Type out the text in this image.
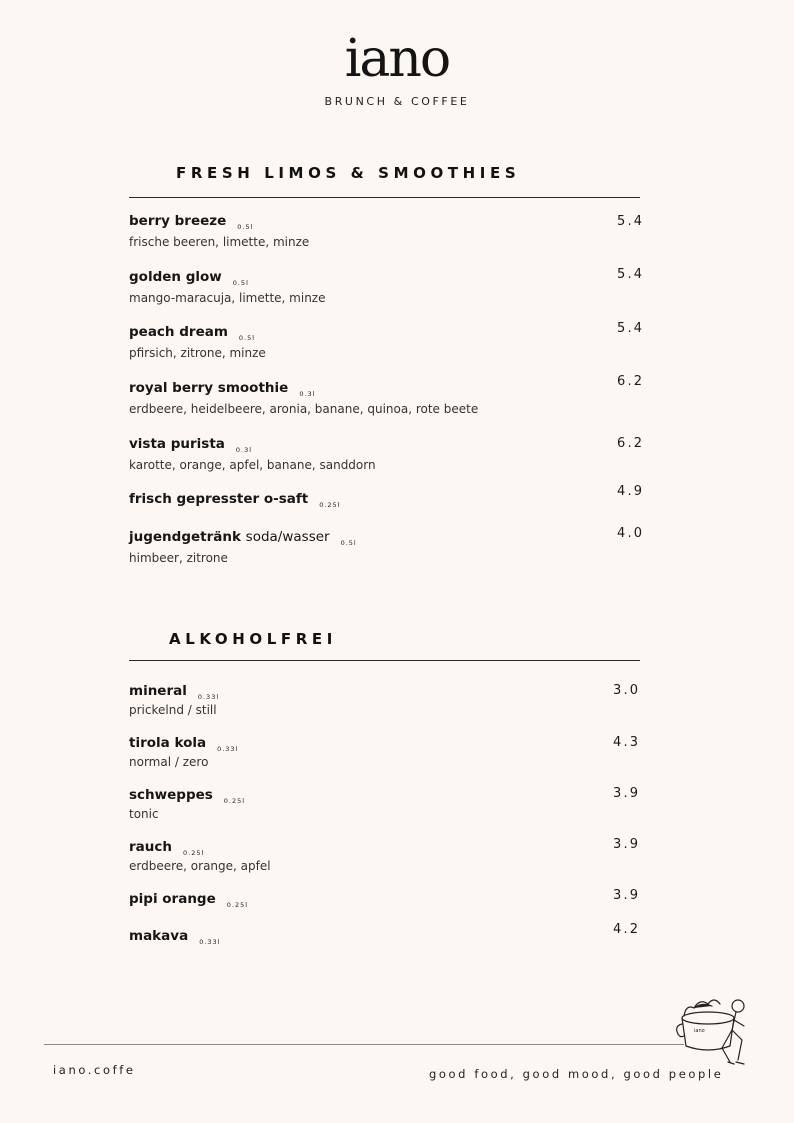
iano
BRUNCH & COFFEE
FRESH LIMOS & SMOOTHIES
berry breeze $_{0.5l}$
frische beeren, limette, minze
5.4
golden glow $_{0.5l}$
mango-maracuja, limette, minze
5.4
peach dream $_{0.5l}$
pfirsich, zitrone, minze
5.4
royal berry smoothie $_{0.3l}$
erdbeere, heidelbeere, aronia, banane, quinoa, rote beete
6.2
vista purista $_{0.3l}$
karotte, orange, apfel, banane, sanddorn
6.2
frisch gepresster o-saft $_{0.25l}$
4.9
jugendgetränk soda/wasser $_{0.5l}$
himbeer, zitrone
4.0
ALKOHOLFREI
mineral $_{0.33l}$
prickelnd / still
3.0
tirola kola $_{0.33l}$
normal / zero
4.3
schweppes $_{0.25l}$
tonic
3.9
rauch $_{0.25l}$
erdbeere, orange, apfel
3.9
pipi orange $_{0.25l}$
3.9
makava $_{0.33l}$
4.2
iano.coffe	good food, good mood, good people
iano
